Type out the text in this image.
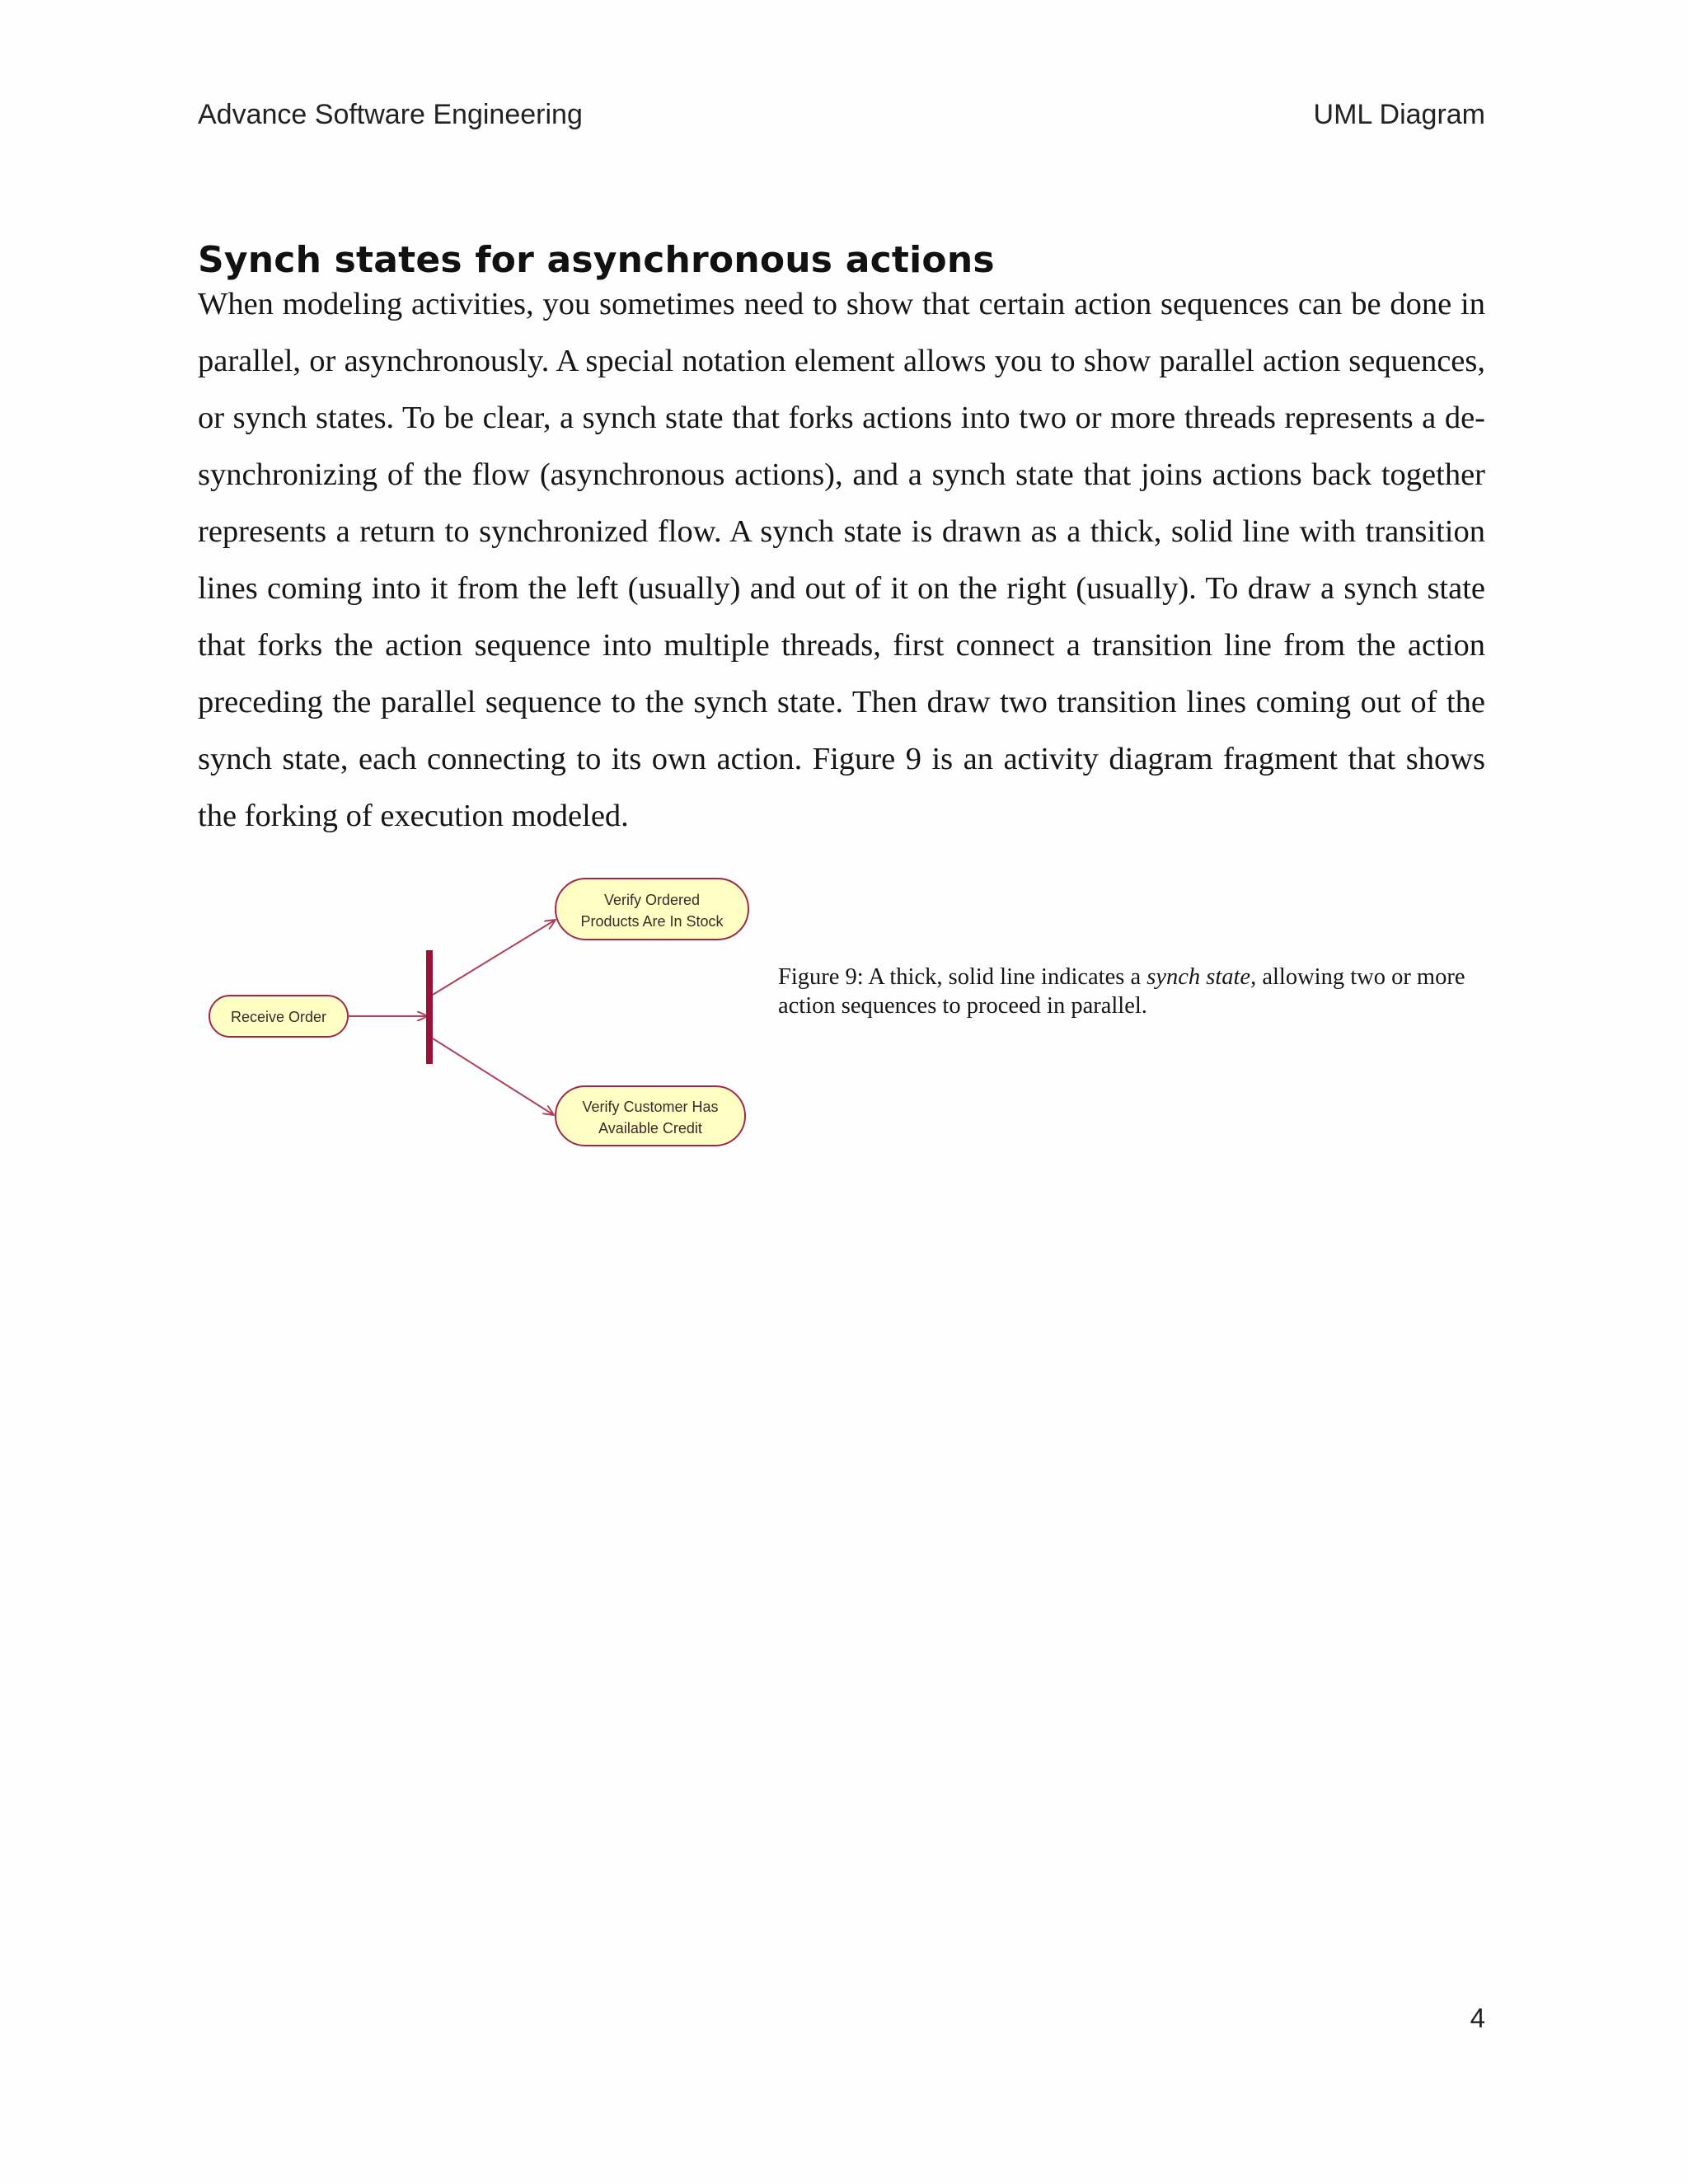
Advance Software Engineering	UML Diagram
Synch states for asynchronous actions
When modeling activities, you sometimes need to show that certain action sequences can be done in parallel, or asynchronously. A special notation element allows you to show parallel action sequences, or synch states. To be clear, a synch state that forks actions into two or more threads represents a de-synchronizing of the flow (asynchronous actions), and a synch state that joins actions back together represents a return to synchronized flow. A synch state is drawn as a thick, solid line with transition lines coming into it from the left (usually) and out of it on the right (usually). To draw a synch state that forks the action sequence into multiple threads, first connect a transition line from the action preceding the parallel sequence to the synch state. Then draw two transition lines coming out of the synch state, each connecting to its own action. Figure 9 is an activity diagram fragment that shows the forking of execution modeled.
Receive Order
Verify Ordered
Products Are In Stock
Verify Customer Has
Available Credit
Figure 9: A thick, solid line indicates a synch state, allowing two or more action sequences to proceed in parallel.
4
